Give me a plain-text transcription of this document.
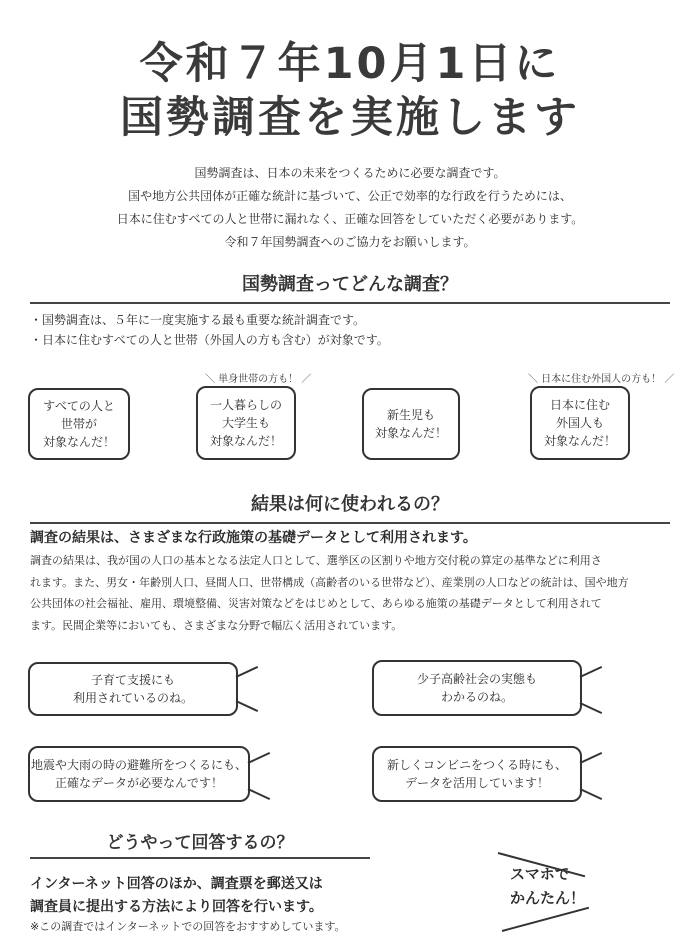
令和７年10月1日に
国勢調査を実施します
国勢調査は、日本の未来をつくるために必要な調査です。
国や地方公共団体が正確な統計に基づいて、公正で効率的な行政を行うためには、
日本に住むすべての人と世帯に漏れなく、正確な回答をしていただく必要があります。
令和７年国勢調査へのご協力をお願いします。
国勢調査ってどんな調査？
・国勢調査は、５年に一度実施する最も重要な統計調査です。
・日本に住むすべての人と世帯（外国人の方も含む）が対象です。
＼ 単身世帯の方も！ ／	＼ 日本に住む外国人の方も！ ／
すべての人と
世帯が
対象なんだ！
一人暮らしの
大学生も
対象なんだ！
新生児も
対象なんだ！
日本に住む
外国人も
対象なんだ！
結果は何に使われるの？
調査の結果は、さまざまな行政施策の基礎データとして利用されます。
調査の結果は、我が国の人口の基本となる法定人口として、選挙区の区割りや地方交付税の算定の基準などに利用さ
れます。また、男女・年齢別人口、昼間人口、世帯構成（高齢者のいる世帯など）、産業別の人口などの統計は、国や地方
公共団体の社会福祉、雇用、環境整備、災害対策などをはじめとして、あらゆる施策の基礎データとして利用されて
ます。民間企業等においても、さまざまな分野で幅広く活用されています。
子育て支援にも
利用されているのね。
少子高齢社会の実態も
わかるのね。
地震や大雨の時の避難所をつくるにも、
正確なデータが必要なんです！
新しくコンビニをつくる時にも、
データを活用しています！
どうやって回答するの？
インターネット回答のほか、調査票を郵送又は
調査員に提出する方法により回答を行います。
※この調査ではインターネットでの回答をおすすめしています。
スマホで
かんたん！
